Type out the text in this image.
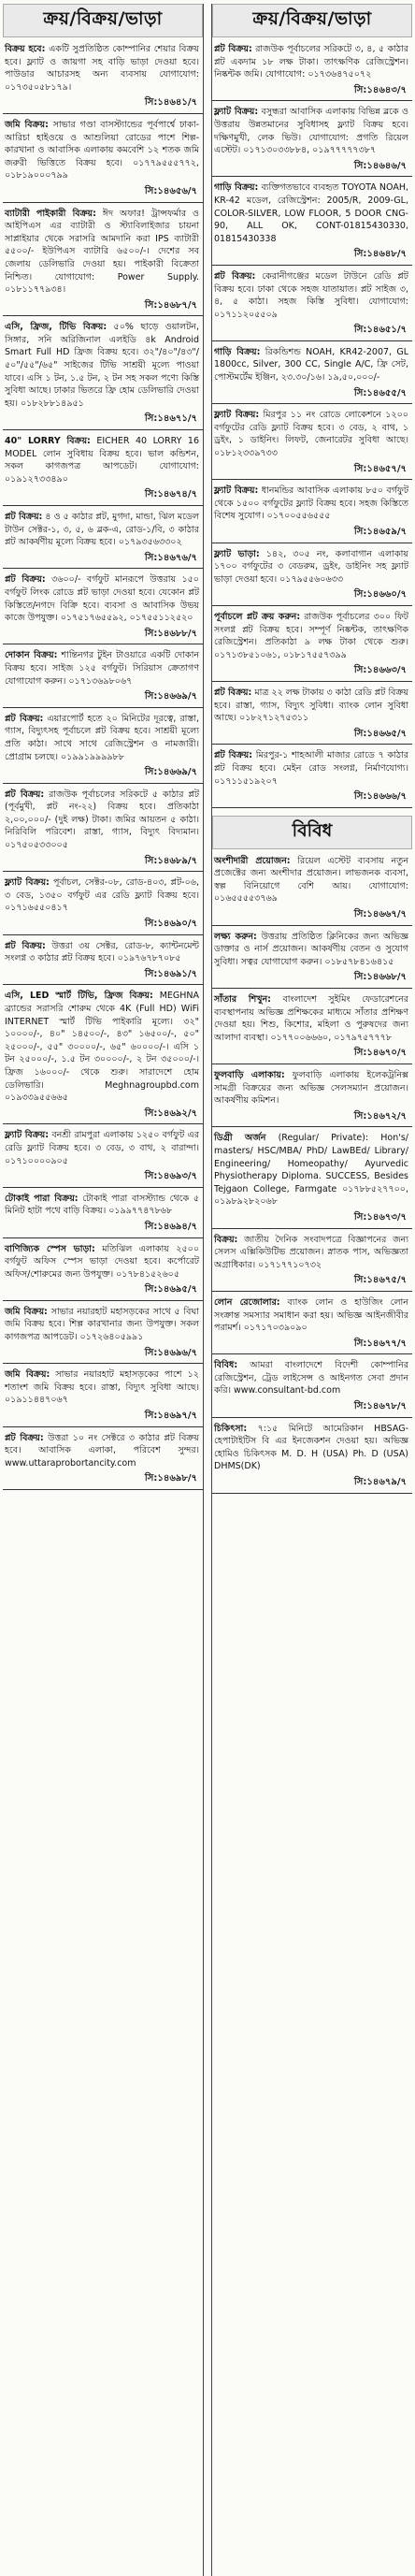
ক্রয়/বিক্রয়/ভাড়া
বিক্রয় হবে: একটি সুপ্রতিষ্ঠিত কোম্পানির শেয়ার বিক্রয় হবে। ফ্ল্যাট ও জায়গা সহ বাড়ি ভাড়া দেওয়া হবে। পাউডার আচারসহ অন্য ব্যবসায় যোগাযোগ: ০১৭৩৫০৫৮১৭৯।
সি:১৪৬৪১/৭
জমি বিক্রয়: সাভার গণ্ডা বাসস্ট্যান্ডের পূর্বপার্শ্বে ঢাকা-আরিচা হাইওয়ে ও আশুলিয়া রোডের পাশে শিল্প-কারখানা ও আবাসিক এলাকায় কমবেশি ১২ শতক জমি জরুরী ভিত্তিতে বিক্রয় হবে। ০১৭৭৯৫৫৫৭৭২, ০১৮১৯০০০৭৯৯
সি:১৪৬৫৬/৭
ব্যাটারী পাইকারী বিক্রয়: ঈদ অফার! ট্রান্সফর্মার ও আইপিএস এর ব্যাটারী ও স্ট্যাবিলাইজার চায়না সাপ্লাইয়ার থেকে সরাসরি আমদানি করা IPS ব্যাটারী ৫৫০০/- ইউপিএস ব্যাটারি ৬৫০০/-। দেশের সব জেলায় ডেলিভারি দেওয়া হয়। পাইকারী বিক্রেতা নিশ্চিত। যোগাযোগ: Power Supply. ০১৮১১৭৭৯৩৪।
সি:১৪৬৮৭/৭
এসি, ফ্রিজ, টিভি বিক্রয়: ৫০% ছাড়ে ওয়ালটন, সিঙ্গার, সনি অরিজিনাল এলইডি ৪k Android Smart Full HD ফ্রিজ বিক্রয় হবে। ৩২"/৪০"/৪৩"/৫০"/৫৫"/৬৫" সাইজের টিভি সাশ্রয়ী মূল্যে পাওয়া যাবে। এসি ১ টন, ১.৫ টন, ২ টন সহ সকল পণ্যে কিস্তি সুবিধা আছে। ঢাকার ভিতরে ফ্রি হোম ডেলিভারি দেওয়া হয়। ০১৮২৮৮১৪৯৫১
সি:১৪৬৭১/৭
40" LORRY বিক্রয়: EICHER 40 LORRY 16 MODEL লোন সুবিধায় বিক্রয় হবে। ভাল কন্ডিশন, সকল কাগজপত্র আপডেট। যোগাযোগ: ০১৯১২৭৩৩৪৯০
সি:১৪৬৭৪/৭
প্লট বিক্রয়: ৪ ও ৫ কাঠার প্লট, মুগদা, মান্ডা, ঝিল মডেল টাউন সেক্টর-১, ৩, ৫, ৬ ব্লক-এ, রোড-১/বি, ৩ কাঠার প্লট আকর্ষণীয় মূল্যে বিক্রয় হবে। ০১৭৯৩৫৬৩৩০২
সি:১৪৬৭৬/৭
প্লট বিক্রয়: ৩৬০০/- বর্গফুট মানরূপে উত্তরায় ১৫০ বর্গফুট লিংক রোডে প্লট ভাড়া দেওয়া হবে। যেকোন প্লট কিস্তিতে/নগদে বিক্রি হবে। ব্যবসা ও আবাসিক উভয় কাজে উপযুক্ত। ০১৭৫১৭৬৫৫৯২, ০১৭৫৫১১২৫২০
সি:১৪৬৮৮/৭
দোকান বিক্রয়: শান্তিনগর টুইন টাওয়ারে একটি দোকান বিক্রয় হবে। সাইজ ১২৫ বর্গফুট। সিরিয়াস ক্রেতাগণ যোগাযোগ করুন। ০১৭১৩৬৯৮০৬৭
সি:১৪৬৬৯/৭
প্লট বিক্রয়: এয়ারপোর্ট হতে ২০ মিনিটের দূরত্বে, রাস্তা, গ্যাস, বিদ্যুৎসহ পূর্বাচলে প্লট বিক্রয় হবে। সাশ্রয়ী মূল্যে প্রতি কাঠা। সাথে সাথে রেজিস্ট্রেশন ও নামজারী। প্রোগ্রাম চলছে। ০১৯৯১৯৯৯৯৮৮
সি:১৪৬৬৯/৭
প্লট বিক্রয়: রাজউক পূর্বাচলের সরিকটে ৫ কাঠার প্লট (পূর্বমুখী, প্লট নং-২২) বিক্রয় হবে। প্রতিকাঠা ২,০০,০০০/- (দুই লক্ষ) টাকা। জমির আয়তন ৫ কাঠা। নিরিবিলি পরিবেশ। রাস্তা, গ্যাস, বিদ্যুৎ বিদ্যমান। ০১৭৫০৫৩৩০০৫
সি:১৪৬৮৯/৭
ফ্ল্যাট বিক্রয়: পূর্বাচল, সেক্টর-০৮, রোড-৪০৩, প্লট-০৬, ৩ বেড, ১৩৫০ বর্গফুট এর রেডি ফ্ল্যাট বিক্রয় হবে। ০১৭১৬৫৫০৪১৭
সি:১৪৬৯০/৭
প্লট বিক্রয়: উত্তরা ৩য় সেক্টর, রোড-৮, ক্যান্টনমেন্ট সংলগ্ন ৩ কাঠার প্লট বিক্রয় হবে। ০১৯৭৬৭৮৭০৮৫
সি:১৪৬৯১/৭
এসি, LED স্মার্ট টিভি, ফ্রিজ বিক্রয়: MEGHNA ব্র্যান্ডের সরাসরি শোরুম থেকে 4K (Full HD) WiFi INTERNET স্মার্ট টিভি পাইকারি মূল্যে। ৩২" ১০০০০/-, ৪০" ১৪৫০০/-, ৪৩" ১৬৫০০/-, ৫০" ২৫০০০/-, ৫৫" ৩০০০০/-, ৬৫" ৬০০০০/-। এসি ১ টন ২৫০০০/-, ১.৫ টন ৩০০০০/-, ২ টন ৩৫০০০/-। ফ্রিজ ১৬০০০/- থেকে শুরু। সারাদেশে হোম ডেলিভারি। Meghnagroupbd.com ০১৯৩৩৯৫৫৬৬৫
সি:১৪৬৯২/৭
ফ্ল্যাট বিক্রয়: বনশ্রী রামপুরা এলাকায় ১২৫০ বর্গফুট এর রেডি ফ্ল্যাট বিক্রয় হবে। ৩ বেড, ৩ বাথ, ২ বারান্দা। ০১৭১০০০০৯০৫
সি:১৪৬৯৩/৭
টোকাই পারা বিক্রয়: টোকাই পারা বাসস্ট্যান্ড থেকে ৫ মিনিট হাটা পথে বাড়ি বিক্রয়। ০১৯৯৭৭৪৭৮৬৮
সি:১৪৬৯৪/৭
বাণিজ্যিক স্পেস ভাড়া: মতিঝিল এলাকায় ২৫০০ বর্গফুট অফিস স্পেস ভাড়া দেওয়া হবে। কর্পোরেট অফিস/শোরুমের জন্য উপযুক্ত। ০১৭৮৪১৫২৬০৫
সি:১৪৬৯৫/৭
জমি বিক্রয়: সাভার নয়ারহাট মহাসড়কের সাথে ৫ বিঘা জমি বিক্রয় হবে। শিল্প কারখানার জন্য উপযুক্ত। সকল কাগজপত্র আপডেট। ০১৭২৬৪০৫৯৯১
সি:১৪৬৯৬/৭
জমি বিক্রয়: সাভার নয়ারহাট মহাসড়কের পাশে ১২ শতাংশ জমি বিক্রয় হবে। রাস্তা, বিদ্যুৎ সুবিধা আছে। ০১৯১১৪৪৭০৬৭
সি:১৪৬৯৭/৭
প্লট বিক্রয়: উত্তরা ১০ নং সেক্টরে ৩ কাঠার প্লট বিক্রয় হবে। আবাসিক এলাকা, পরিবেশ সুন্দর। www.uttaraprobortancity.com
সি:১৪৬৯৮/৭
ক্রয়/বিক্রয়/ভাড়া
প্লট বিক্রয়: রাজউক পূর্বাচলের সরিকটে ৩, ৪, ৫ কাঠার প্লট একদাম ১৮ লক্ষ টাকা। তাৎক্ষণিক রেজিস্ট্রেশন। নিষ্কন্টক জমি। যোগাযোগ: ০১৭৩৬৪৭৫০৭২
সি:১৪৬৪৩/৭
ফ্ল্যাট বিক্রয়: বসুন্ধরা আবাসিক এলাকায় বিভিন্ন ব্লকে ও উত্তরায় উন্নতমানের সুবিধাসহ ফ্ল্যাট বিক্রয় হবে। দক্ষিণমুখী, লেক ভিউ। যোগাযোগ: প্রগতি রিয়েল এস্টেট। ০১৭১৩০৩৩৮৮৪, ০১৯৭৭৭৭৭৩৮৭
সি:১৪৬৪৬/৭
গাড়ি বিক্রয়: ব্যক্তিগতভাবে ব্যবহৃত TOYOTA NOAH, KR-42 মডেল, রেজিস্ট্রেশন: 2005/R, 2009-GL, COLOR-SILVER, LOW FLOOR, 5 DOOR CNG-90, ALL OK, CONT-01815430330, 01815430338
সি:১৪৬৪৮/৭
প্লট বিক্রয়: কেরানীগঞ্জের মডেল টাউনে রেডি প্লট বিক্রয় হবে। ঢাকা থেকে সহজ যাতায়াত। প্লট সাইজ ৩, ৪, ৫ কাঠা। সহজ কিস্তি সুবিধা। যোগাযোগ: ০১৭১১২০৫৫০৯
সি:১৪৬৫১/৭
গাড়ি বিক্রয়: রিকন্ডিশন্ড NOAH, KR42-2007, GL 1800cc, Silver, 300 CC, Single A/C, ফ্রি সেট, পোস্টমর্টেম ইঞ্জিন, ২৩.৩০/১৬। ১৯,৫০,০০০/-
সি:১৪৬৫৫/৭
ফ্ল্যাট বিক্রয়: মিরপুর ১১ নং রোডে লোকেশনে ১২০০ বর্গফুটের রেডি ফ্ল্যাট বিক্রয় হবে। ৩ বেড, ২ বাথ, ১ ড্রইং, ১ ডাইনিং। লিফট, জেনারেটর সুবিধা আছে। ০১৮১২৩৩৯৭৩৩
সি:১৪৬৫৭/৭
ফ্ল্যাট বিক্রয়: ধানমন্ডির আবাসিক এলাকায় ৮৫০ বর্গফুট থেকে ১৫০০ বর্গফুটের ফ্ল্যাট বিক্রয় হবে। সহজ কিস্তিতে বিশেষ সুযোগ। ০১৭০০৫৫৬৫৫৫
সি:১৪৬৫৯/৭
ফ্ল্যাট ভাড়া: ১৪২, ৩০৫ নং, কলাবাগান এলাকায় ১৭০০ বর্গফুটের ৩ বেডরুম, ড্রইং, ডাইনিং সহ ফ্ল্যাট ভাড়া দেওয়া হবে। ০১৭৯৫৫৬০৬৩৩
সি:১৪৬৬০/৭
পূর্বাচলে প্লট ক্রয় করুন: রাজউক পূর্বাচলের ৩০০ ফিট সংলগ্ন প্লট বিক্রয় হবে। সম্পূর্ণ নিষ্কন্টক, তাৎক্ষণিক রেজিস্ট্রেশন। প্রতিকাঠা ৯ লক্ষ টাকা থেকে শুরু। ০১৭১৩৮৫১০৬১, ০১৮১৭৫৫৭৩৯৯
সি:১৪৬৬৩/৭
প্লট বিক্রয়: মাত্র ২২ লক্ষ টাকায় ৩ কাঠা রেডি প্লট বিক্রয় হবে। রাস্তা, গ্যাস, বিদ্যুৎ সুবিধা। ব্যাংক লোন সুবিধা আছে। ০১৮২৭১২৭৫৩১১
সি:১৪৬৬৫/৭
প্লট বিক্রয়: মিরপুর-১ শাহআলী মাজার রোডে ৭ কাঠার প্লট বিক্রয় হবে। মেইন রোড সংলগ্ন, নির্মাণযোগ্য। ০১৭১১৫১৯২০৭
সি:১৪৬৬৬/৭
বিবিধ
অংশীদারী প্রয়োজন: রিয়েল এস্টেট ব্যবসায় নতুন প্রজেক্টের জন্য অংশীদার প্রয়োজন। লাভজনক ব্যবসা, স্বল্প বিনিয়োগে বেশি আয়। যোগাযোগ: ০১৬৫৫৫৫৩৭৬৯
সি:১৪৬৬৭/৭
লক্ষ্য করুন: উত্তরায় প্রতিষ্ঠিত ক্লিনিকের জন্য অভিজ্ঞ ডাক্তার ও নার্স প্রয়োজন। আকর্ষণীয় বেতন ও সুযোগ সুবিধা। সত্বর যোগাযোগ করুন। ০১৮৫৭৮৪১৬৪১৫
সি:১৪৬৬৮/৭
সাঁতার শিখুন: বাংলাদেশ সুইমিং ফেডারেশনের ব্যবস্থাপনায় অভিজ্ঞ প্রশিক্ষকের মাধ্যমে সাঁতার প্রশিক্ষণ দেওয়া হয়। শিশু, কিশোর, মহিলা ও পুরুষদের জন্য আলাদা ব্যবস্থা। ০১৭৭০০৬৬৬০, ০১৭৯৭৫৭৭৭৮
সি:১৪৬৭০/৭
ফুলবাড়ি এলাকায়: ফুলবাড়ি এলাকায় ইলেকট্রনিক্স সামগ্রী বিক্রয়ের জন্য অভিজ্ঞ সেলসম্যান প্রয়োজন। আকর্ষণীয় কমিশন।
সি:১৪৬৭২/৭
ডিগ্রী অর্জন (Regular/ Private): Hon's/ masters/ HSC/MBA/ PhD/ LawBEd/ Library/ Engineering/ Homeopathy/ Ayurvedic Physiotherapy Diploma. SUCCESS, Besides Tejgaon College, Farmgate ০১৭৮৮৫২৭৭০০, ০১৯৮৯২৮২০৬৮
সি:১৪৬৭৩/৭
বিক্রয়: জাতীয় দৈনিক সংবাদপত্রে বিজ্ঞাপনের জন্য সেলস এক্সিকিউটিভ প্রয়োজন। স্নাতক পাস, অভিজ্ঞতা অগ্রাধিকার। ০১৭১৭৭১০৭৩২
সি:১৪৬৭৫/৭
লোন রেজোলার: ব্যাংক লোন ও হাউজিং লোন সংক্রান্ত সমস্যার সমাধান করা হয়। অভিজ্ঞ আইনজীবীর পরামর্শ। ০১৭১৭০৩৯০৯০
সি:১৪৬৭৭/৭
বিবিধ: আমরা বাংলাদেশে বিদেশী কোম্পানির রেজিস্ট্রেশন, ট্রেড লাইসেন্স ও আইনগত সেবা প্রদান করি। www.consultant-bd.com
সি:১৪৬৭৮/৭
চিকিৎসা: ৭:১৫ মিনিটে আমেরিকান HBSAG-হেপাটাইটিস বি এর ইনজেকশন দেওয়া হয়। অভিজ্ঞ হোমিও চিকিৎসক M. D. H (USA) Ph. D (USA) DHMS(DK)
সি:১৪৬৭৯/৭
